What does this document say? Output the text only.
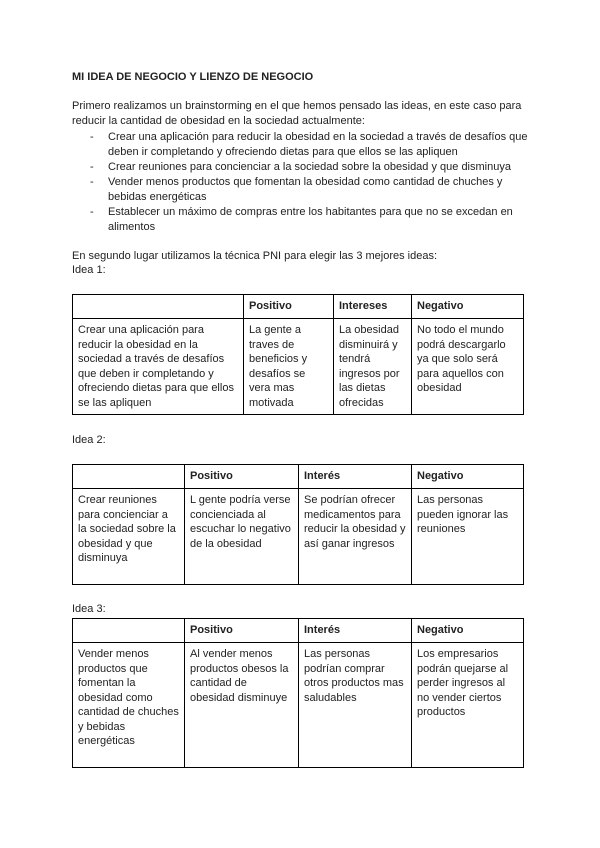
MI IDEA DE NEGOCIO Y LIENZO DE NEGOCIO
Primero realizamos un brainstorming en el que hemos pensado las ideas, en este caso para reducir la cantidad de obesidad en la sociedad actualmente:
- Crear una aplicación para reducir la obesidad en la sociedad a través de desafíos que deben ir completando y ofreciendo dietas para que ellos se las apliquen
- Crear reuniones para concienciar a la sociedad sobre la obesidad y que disminuya
- Vender menos productos que fomentan la obesidad como cantidad de chuches y bebidas energéticas
- Establecer un máximo de compras entre los habitantes para que no se excedan en alimentos
En segundo lugar utilizamos la técnica PNI para elegir las 3 mejores ideas:
Idea 1:
	Positivo	Intereses	Negativo
Crear una aplicación para reducir la obesidad en la sociedad a través de desafíos que deben ir completando y ofreciendo dietas para que ellos se las apliquen	La gente a traves de beneficios y desafíos se vera mas motivada	La obesidad disminuirá y tendrá ingresos por las dietas ofrecidas	No todo el mundo podrá descargarlo ya que solo será para aquellos con obesidad
Idea 2:
	Positivo	Interés	Negativo
Crear reuniones para concienciar a la sociedad sobre la obesidad y que disminuya	L gente podría verse concienciada al escuchar lo negativo de la obesidad	Se podrían ofrecer medicamentos para reducir la obesidad y así ganar ingresos	Las personas pueden ignorar las reuniones
Idea 3:
	Positivo	Interés	Negativo
Vender menos productos que fomentan la obesidad como cantidad de chuches y bebidas energéticas	Al vender menos productos obesos la cantidad de obesidad disminuye	Las personas podrían comprar otros productos mas saludables	Los empresarios podrán quejarse al perder ingresos al no vender ciertos productos
